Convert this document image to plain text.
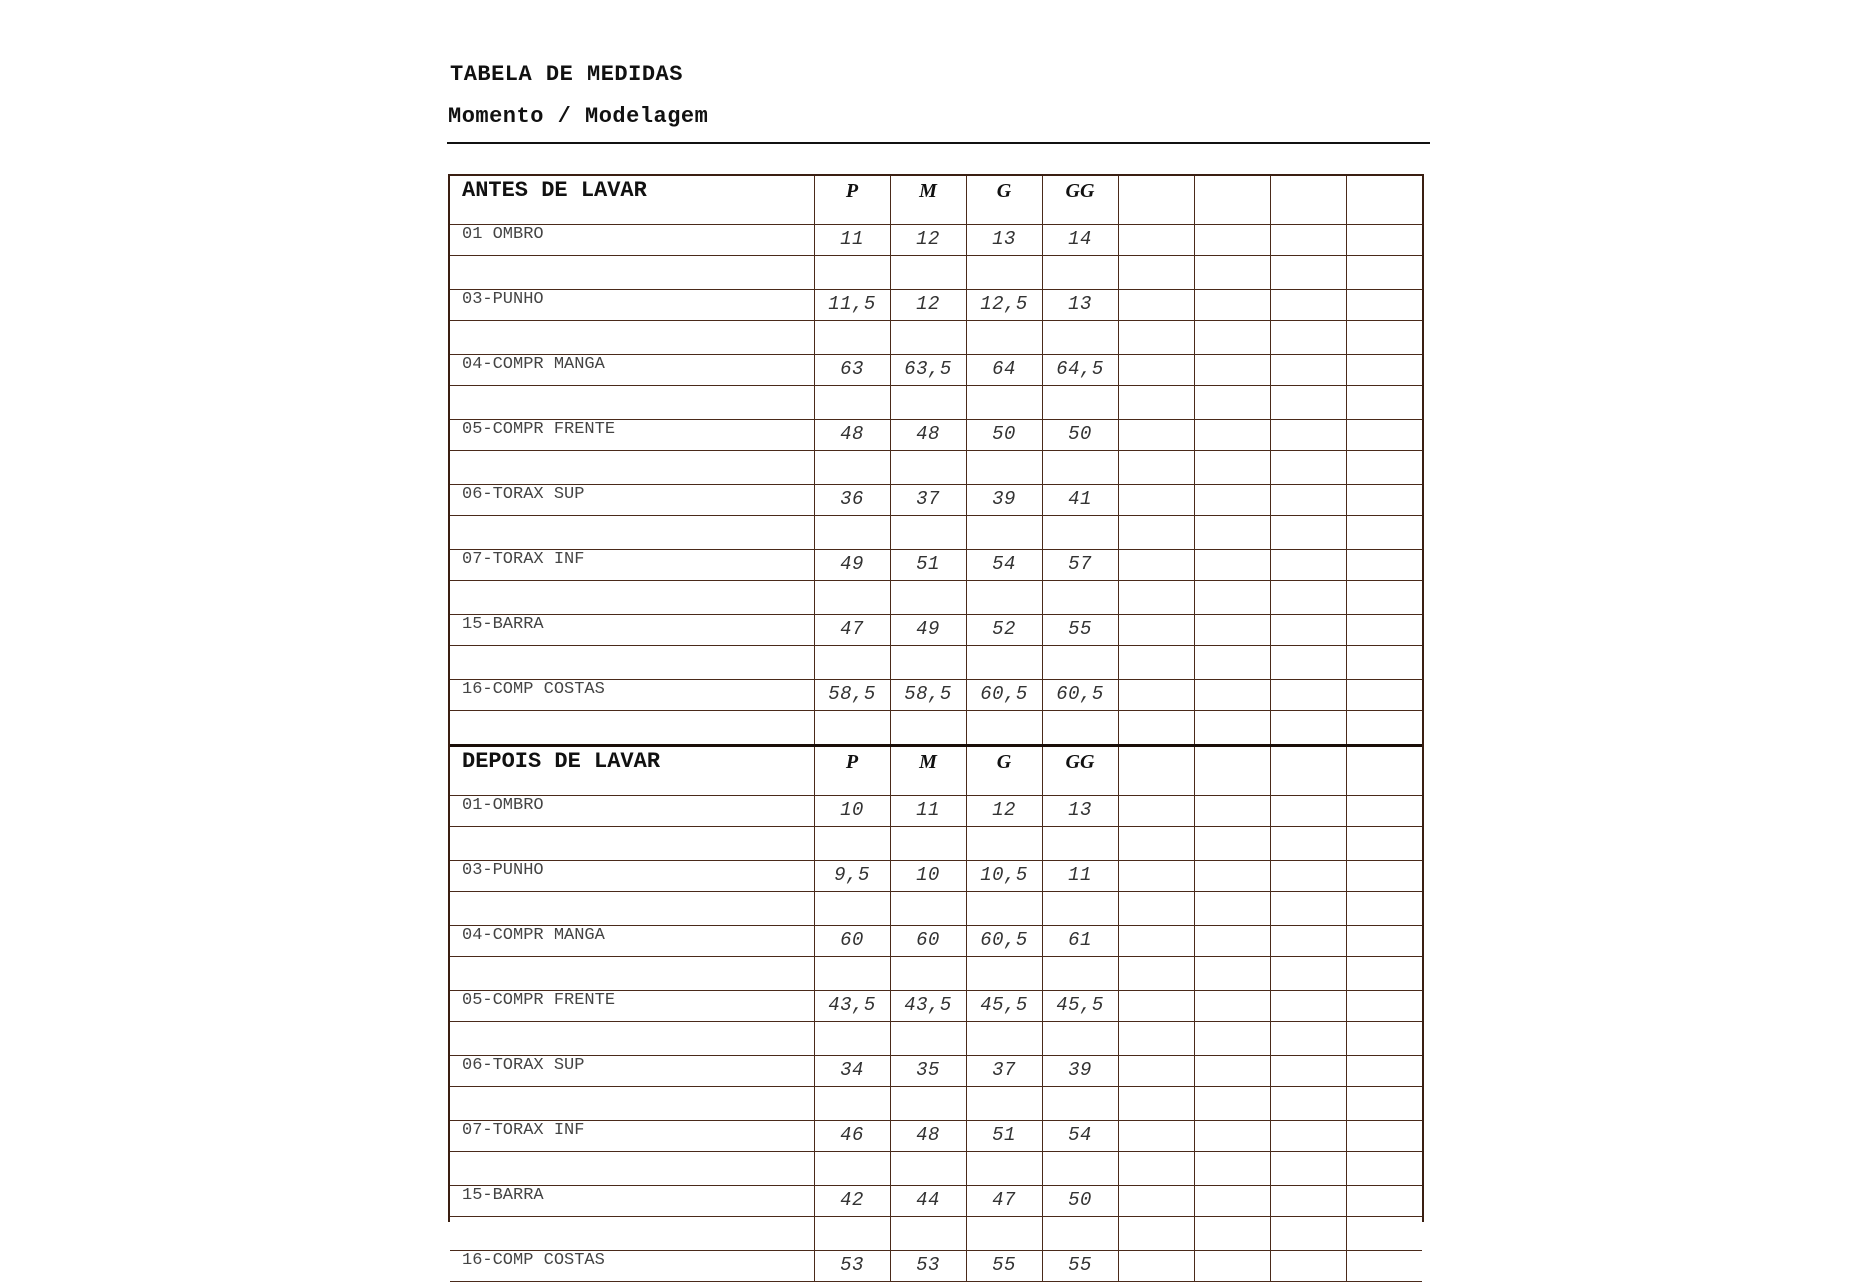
TABELA DE MEDIDAS
Momento / Modelagem
ANTES DE LAVAR	P	M	G	GG				
01 OMBRO	11	12	13	14				

03-PUNHO	11,5	12	12,5	13				

04-COMPR MANGA	63	63,5	64	64,5				

05-COMPR FRENTE	48	48	50	50				

06-TORAX SUP	36	37	39	41				

07-TORAX INF	49	51	54	57				

15-BARRA	47	49	52	55				

16-COMP COSTAS	58,5	58,5	60,5	60,5				

DEPOIS DE LAVAR	P	M	G	GG				
01-OMBRO	10	11	12	13				

03-PUNHO	9,5	10	10,5	11				

04-COMPR MANGA	60	60	60,5	61				

05-COMPR FRENTE	43,5	43,5	45,5	45,5				

06-TORAX SUP	34	35	37	39				

07-TORAX INF	46	48	51	54				

15-BARRA	42	44	47	50				

16-COMP COSTAS	53	53	55	55				
